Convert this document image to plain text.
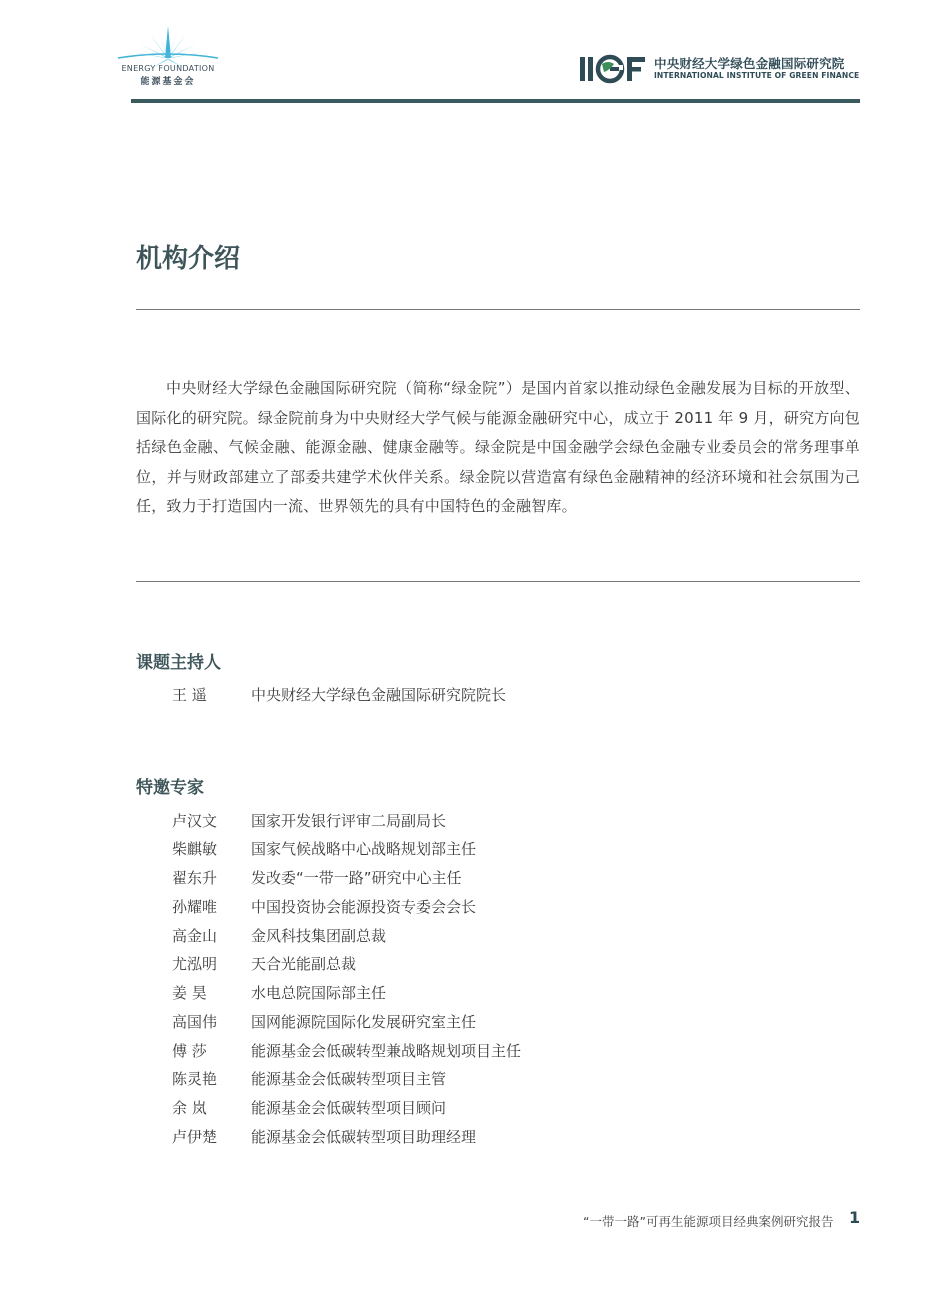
ENERGY FOUNDATION
能源基金会
中央财经大学绿色金融国际研究院
INTERNATIONAL INSTITUTE OF GREEN FINANCE
机构介绍
中央财经大学绿色金融国际研究院（简称“绿金院”）是国内首家以推动绿色金融发展为目标的开放型、国际化的研究院。绿金院前身为中央财经大学气候与能源金融研究中心，成立于 2011 年 9 月，研究方向包括绿色金融、气候金融、能源金融、健康金融等。绿金院是中国金融学会绿色金融专业委员会的常务理事单位，并与财政部建立了部委共建学术伙伴关系。绿金院以营造富有绿色金融精神的经济环境和社会氛围为己任，致力于打造国内一流、世界领先的具有中国特色的金融智库。
课题主持人
王 遥	中央财经大学绿色金融国际研究院院长
特邀专家
卢汉文	国家开发银行评审二局副局长
柴麒敏	国家气候战略中心战略规划部主任
翟东升	发改委“一带一路”研究中心主任
孙耀唯	中国投资协会能源投资专委会会长
高金山	金风科技集团副总裁
尤泓明	天合光能副总裁
姜 昊	水电总院国际部主任
高国伟	国网能源院国际化发展研究室主任
傅 莎	能源基金会低碳转型兼战略规划项目主任
陈灵艳	能源基金会低碳转型项目主管
余 岚	能源基金会低碳转型项目顾问
卢伊楚	能源基金会低碳转型项目助理经理
“一带一路”可再生能源项目经典案例研究报告 1
